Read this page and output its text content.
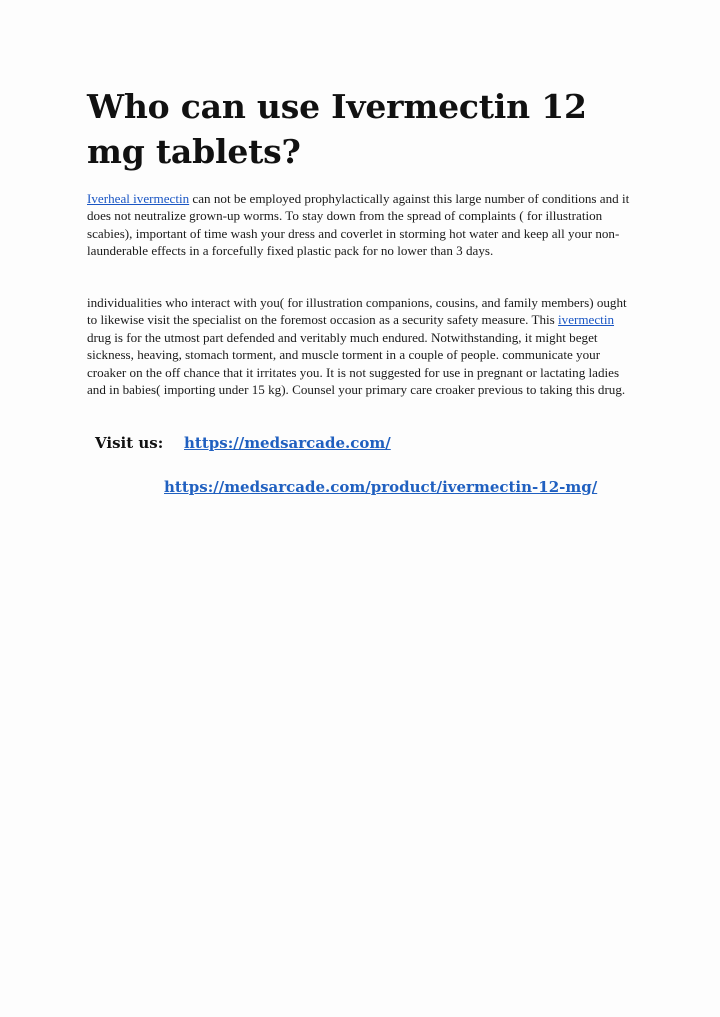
Who can use Ivermectin 12 mg tablets?

Iverheal ivermectin can not be employed prophylactically against this large number of conditions and it does not neutralize grown-up worms. To stay down from the spread of complaints ( for illustration scabies), important of time wash your dress and coverlet in storming hot water and keep all your non-launderable effects in a forcefully fixed plastic pack for no lower than 3 days.

individualities who interact with you( for illustration companions, cousins, and family members) ought to likewise visit the specialist on the foremost occasion as a security safety measure. This ivermectin drug is for the utmost part defended and veritably much endured. Notwithstanding, it might beget sickness, heaving, stomach torment, and muscle torment in a couple of people. communicate your croaker on the off chance that it irritates you. It is not suggested for use in pregnant or lactating ladies and in babies( importing under 15 kg). Counsel your primary care croaker previous to taking this drug.

Visit us: https://medsarcade.com/
https://medsarcade.com/product/ivermectin-12-mg/
